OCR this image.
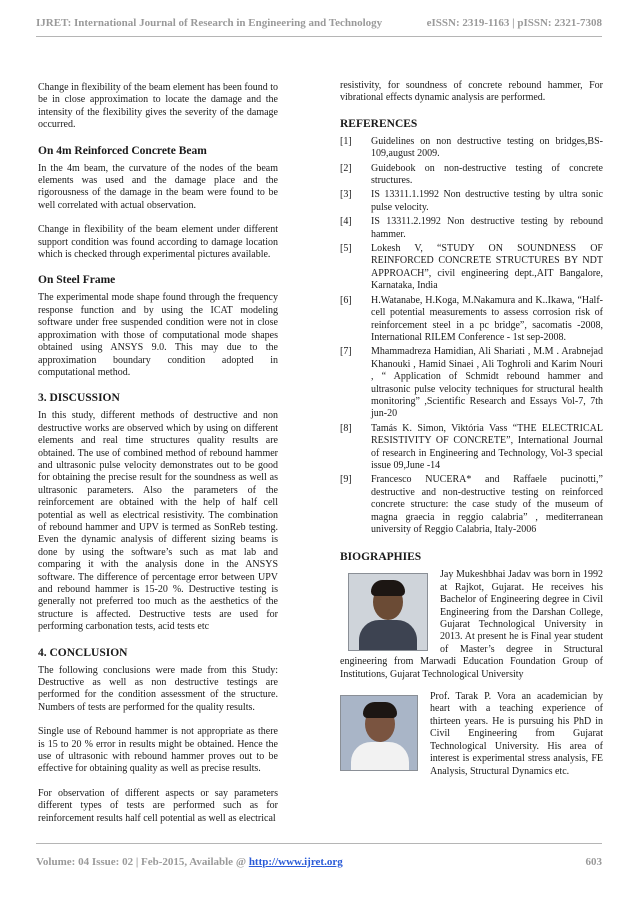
IJRET: International Journal of Research in Engineering and Technology	eISSN: 2319-1163 | pISSN: 2321-7308

Change in flexibility of the beam element has been found to be in close approximation to locate the damage and the intensity of the flexibility gives the severity of the damage occurred.

On 4m Reinforced Concrete Beam

In the 4m beam, the curvature of the nodes of the beam elements was used and the damage place and the rigorousness of the damage in the beam were found to be well correlated with actual observation.

Change in flexibility of the beam element under different support condition was found according to damage location which is checked through experimental pictures available.

On Steel Frame

The experimental mode shape found through the frequency response function and by using the ICAT modeling software under free suspended condition were not in close approximation with those of computational mode shapes obtained using ANSYS 9.0. This may due to the approximation boundary condition adopted in computational method.

3. DISCUSSION

In this study, different methods of destructive and non destructive works are observed which by using on different elements and real time structures quality results are obtained. The use of combined method of rebound hammer and ultrasonic pulse velocity demonstrates out to be good for obtaining the precise result for the soundness as well as ultrasonic parameters. Also the parameters of the reinforcement are obtained with the help of half cell potential as well as electrical resistivity. The combination of rebound hammer and UPV is termed as SonReb testing. Even the dynamic analysis of different sizing beams is done by using the software’s such as mat lab and comparing it with the analysis done in the ANSYS software. The difference of percentage error between UPV and rebound hammer is 15-20 %. Destructive testing is generally not preferred too much as the aesthetics of the structure is affected. Destructive tests are used for performing carbonation tests, acid tests etc

4. CONCLUSION

The following conclusions were made from this Study: Destructive as well as non destructive testings are performed for the condition assessment of the structure. Numbers of tests are performed for the quality results.

Single use of Rebound hammer is not appropriate as there is 15 to 20 % error in results might be obtained. Hence the use of ultrasonic with rebound hammer proves out to be effective for obtaining quality as well as precise results.

For observation of different aspects or say parameters different types of tests are performed such as for reinforcement results half cell potential as well as electrical

resistivity, for soundness of concrete rebound hammer, For vibrational effects dynamic analysis are performed.

REFERENCES
[1]	Guidelines on non destructive testing on bridges,BS-109,august 2009.
[2]	Guidebook on non-destructive testing of concrete structures.
[3]	IS 13311.1.1992 Non destructive testing by ultra sonic pulse velocity.
[4]	IS 13311.2.1992 Non destructive testing by rebound hammer.
[5]	Lokesh V, “STUDY ON SOUNDNESS OF REINFORCED CONCRETE STRUCTURES BY NDT APPROACH”, civil engineering dept.,AIT Bangalore, Karnataka, India
[6]	H.Watanabe, H.Koga, M.Nakamura and K..Ikawa, “Half-cell potential measurements to assess corrosion risk of reinforcement steel in a pc bridge”, sacomatis -2008, International RILEM Conference - 1st sep-2008.
[7]	Mhammadreza Hamidian, Ali Shariati , M.M . Arabnejad Khanouki , Hamid Sinaei , Ali Toghroli and Karim Nouri , “ Application of Schmidt rebound hammer and ultrasonic pulse velocity techniques for structural health monitoring” ,Scientific Research and Essays Vol-7, 7th jun-20
[8]	Tamás K. Simon, Viktória Vass “THE ELECTRICAL RESISTIVITY OF CONCRETE”, International Journal of research in Engineering and Technology, Vol-3 special issue 09,June -14
[9]	Francesco NUCERA* and Raffaele pucinotti,” destructive and non-destructive testing on reinforced concrete structure: the case study of the museum of magna graecia in reggio calabria” , mediterranean university of Reggio Calabria, Italy-2006
BIOGRAPHIES

Jay Mukeshbhai Jadav was born in 1992 at Rajkot, Gujarat. He receives his Bachelor of Engineering degree in Civil Engineering from the Darshan College, Gujarat Technological University in 2013. At present he is Final year student of Master’s degree in Structural engineering from Marwadi Education Foundation Group of Institutions, Gujarat Technological University

Prof. Tarak P. Vora an academician by heart with a teaching experience of thirteen years. He is pursuing his PhD in Civil Engineering from Gujarat Technological University. His area of interest is experimental stress analysis, FE Analysis, Structural Dynamics etc.

Volume: 04 Issue: 02 | Feb-2015, Available @ http://www.ijret.org	603
